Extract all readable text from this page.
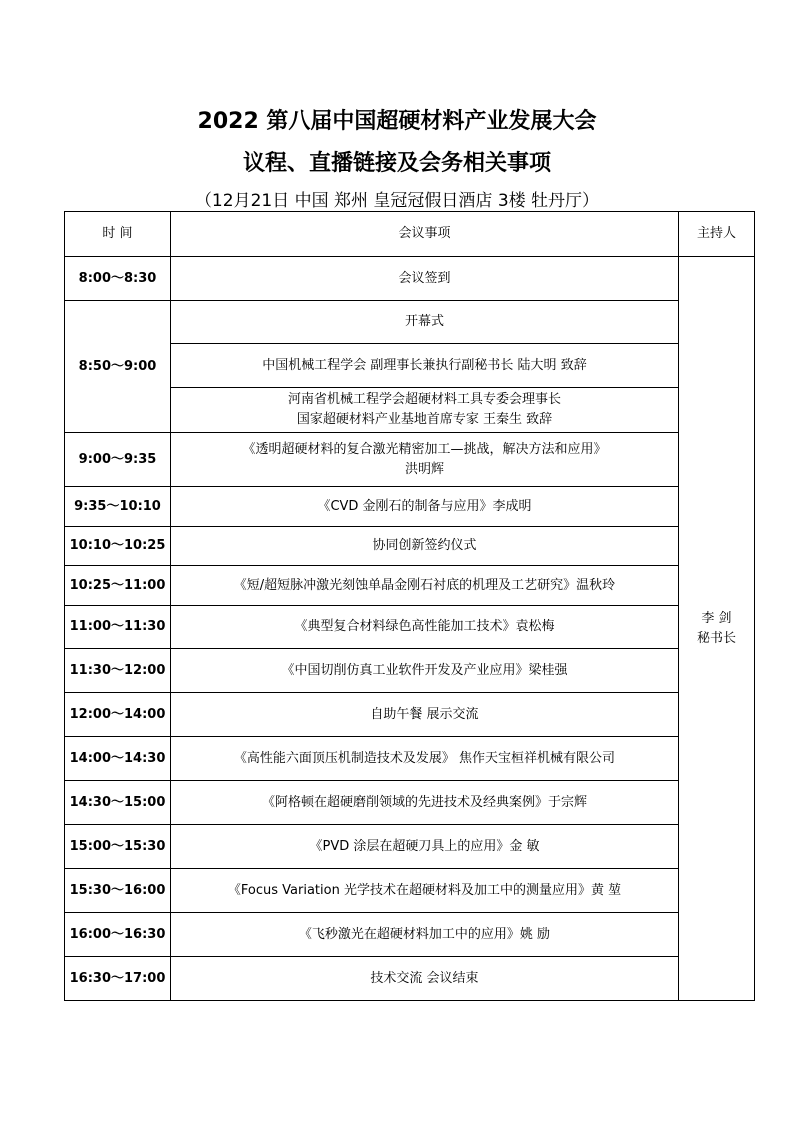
2022 第八届中国超硬材料产业发展大会
议程、直播链接及会务相关事项
（12月21日 中国 郑州 皇冠冠假日酒店 3楼 牡丹厅）
时 间	会议事项	主持人
8:00～8:30	会议签到	李 剑
秘书长

8:50～9:00	开幕式	
	中国机械工程学会 副理事长兼执行副秘书长 陆大明 致辞	

	河南省机械工程学会超硬材料工具专委会理事长
国家超硬材料产业基地首席专家 王秦生 致辞	

9:00～9:35	《透明超硬材料的复合激光精密加工—挑战，解决方法和应用》
洪明辉	

9:35～10:10	《CVD 金刚石的制备与应用》李成明	
10:10～10:25	协同创新签约仪式	
10:25～11:00	《短/超短脉冲激光刻蚀单晶金刚石衬底的机理及工艺研究》温秋玲	
11:00～11:30	《典型复合材料绿色高性能加工技术》袁松梅	
11:30～12:00	《中国切削仿真工业软件开发及产业应用》梁桂强	
12:00～14:00	自助午餐 展示交流	
14:00～14:30	《高性能六面顶压机制造技术及发展》 焦作天宝桓祥机械有限公司	
14:30～15:00	《阿格顿在超硬磨削领域的先进技术及经典案例》于宗辉	
15:00～15:30	《PVD 涂层在超硬刀具上的应用》金 敏	
15:30～16:00	《Focus Variation 光学技术在超硬材料及加工中的测量应用》黄 堃	
16:00～16:30	《飞秒激光在超硬材料加工中的应用》姚 励	
16:30～17:00	技术交流 会议结束	
